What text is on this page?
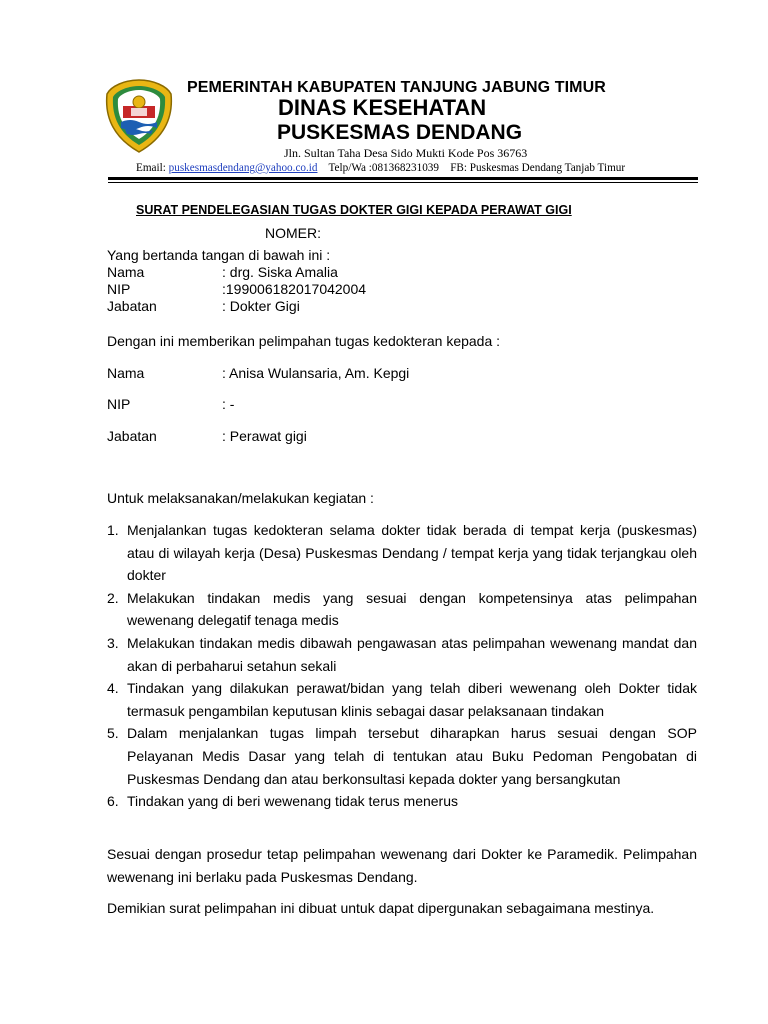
PEMERINTAH KABUPATEN TANJUNG JABUNG TIMUR
DINAS KESEHATAN
PUSKESMAS DENDANG
Jln. Sultan Taha Desa Sido Mukti Kode Pos 36763
Email: puskesmasdendang@yahoo.co.id Telp/Wa :081368231039 FB: Puskesmas Dendang Tanjab Timur
SURAT PENDELEGASIAN TUGAS DOKTER GIGI KEPADA PERAWAT GIGI
NOMER:
Yang bertanda tangan di bawah ini :
Nama	: drg. Siska Amalia
NIP	:199006182017042004
Jabatan	: Dokter Gigi
Dengan ini memberikan pelimpahan tugas kedokteran kepada :
Nama	: Anisa Wulansaria, Am. Kepgi
NIP	: -
Jabatan	: Perawat gigi
Untuk melaksanakan/melakukan kegiatan :
1. Menjalankan tugas kedokteran selama dokter tidak berada di tempat kerja (puskesmas) atau di wilayah kerja (Desa) Puskesmas Dendang / tempat kerja yang tidak terjangkau oleh dokter
2. Melakukan tindakan medis yang sesuai dengan kompetensinya atas pelimpahan wewenang delegatif tenaga medis
3. Melakukan tindakan medis dibawah pengawasan atas pelimpahan wewenang mandat dan akan di perbaharui setahun sekali
4. Tindakan yang dilakukan perawat/bidan yang telah diberi wewenang oleh Dokter tidak termasuk pengambilan keputusan klinis sebagai dasar pelaksanaan tindakan
5. Dalam menjalankan tugas limpah tersebut diharapkan harus sesuai dengan SOP Pelayanan Medis Dasar yang telah di tentukan atau Buku Pedoman Pengobatan di Puskesmas Dendang dan atau berkonsultasi kepada dokter yang bersangkutan
6. Tindakan yang di beri wewenang tidak terus menerus
Sesuai dengan prosedur tetap pelimpahan wewenang dari Dokter ke Paramedik. Pelimpahan wewenang ini berlaku pada Puskesmas Dendang.
Demikian surat pelimpahan ini dibuat untuk dapat dipergunakan sebagaimana mestinya.
